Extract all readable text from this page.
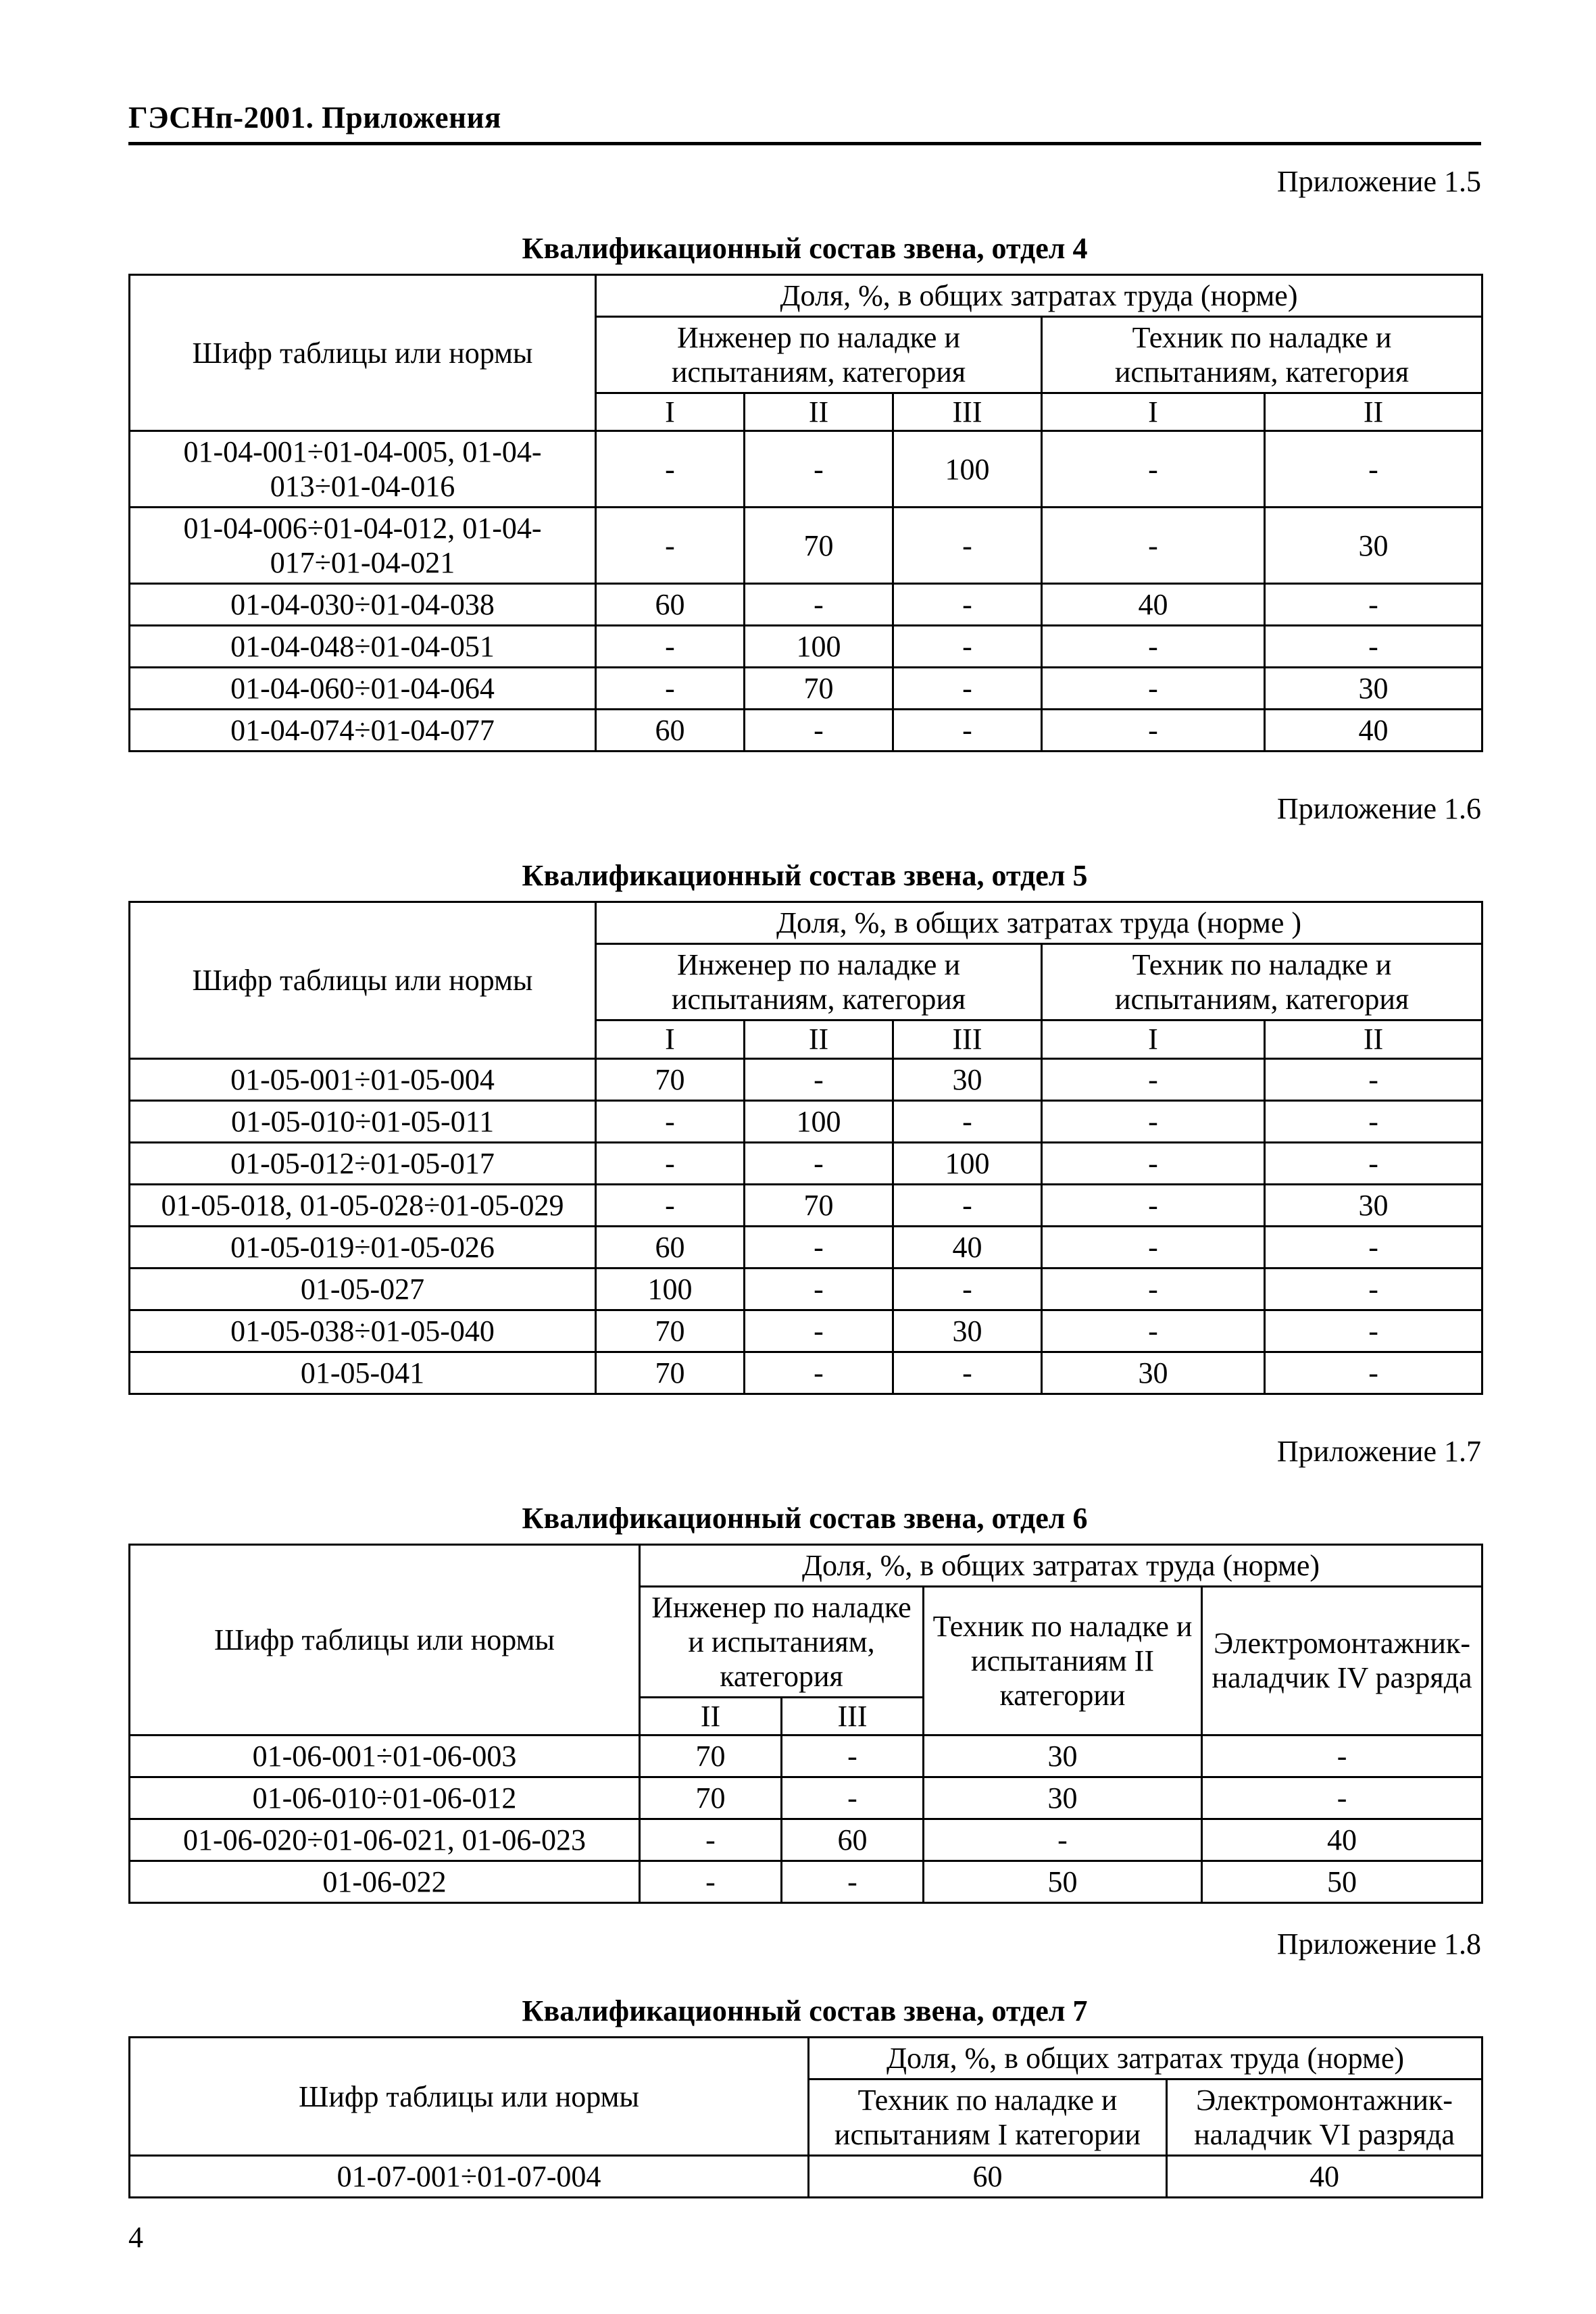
ГЭСНп-2001. Приложения
Приложение 1.5
Квалификационный состав звена, отдел 4
Шифр таблицы или нормы	Доля, %, в общих затратах труда (норме)				
	Инженер по наладке и испытаниям, категория			Техник по наладке и испытаниям, категория	
	I	II	III	I	II
01-04-001÷01-04-005, 01-04-013÷01-04-016	-	-	100	-	-
01-04-006÷01-04-012, 01-04-017÷01-04-021	-	70	-	-	30
01-04-030÷01-04-038	60	-	-	40	-
01-04-048÷01-04-051	-	100	-	-	-
01-04-060÷01-04-064	-	70	-	-	30
01-04-074÷01-04-077	60	-	-	-	40
Приложение 1.6
Квалификационный состав звена, отдел 5
Шифр таблицы или нормы	Доля, %, в общих затратах труда (норме )				
	Инженер по наладке и испытаниям, категория			Техник по наладке и испытаниям, категория	
	I	II	III	I	II
01-05-001÷01-05-004	70	-	30	-	-
01-05-010÷01-05-011	-	100	-	-	-
01-05-012÷01-05-017	-	-	100	-	-
01-05-018, 01-05-028÷01-05-029	-	70	-	-	30
01-05-019÷01-05-026	60	-	40	-	-
01-05-027	100	-	-	-	-
01-05-038÷01-05-040	70	-	30	-	-
01-05-041	70	-	-	30	-
Приложение 1.7
Квалификационный состав звена, отдел 6
Шифр таблицы или нормы	Доля, %, в общих затратах труда (норме)			
	Инженер по наладке и испытаниям, категория		Техник по наладке и испытаниям II категории	Электромонтажник-наладчик IV разряда
	II	III		
01-06-001÷01-06-003	70	-	30	-
01-06-010÷01-06-012	70	-	30	-
01-06-020÷01-06-021, 01-06-023	-	60	-	40
01-06-022	-	-	50	50
Приложение 1.8
Квалификационный состав звена, отдел 7
Шифр таблицы или нормы	Доля, %, в общих затратах труда (норме)	
	Техник по наладке и испытаниям I категории	Электромонтажник-наладчик VI разряда
01-07-001÷01-07-004	60	40
4
